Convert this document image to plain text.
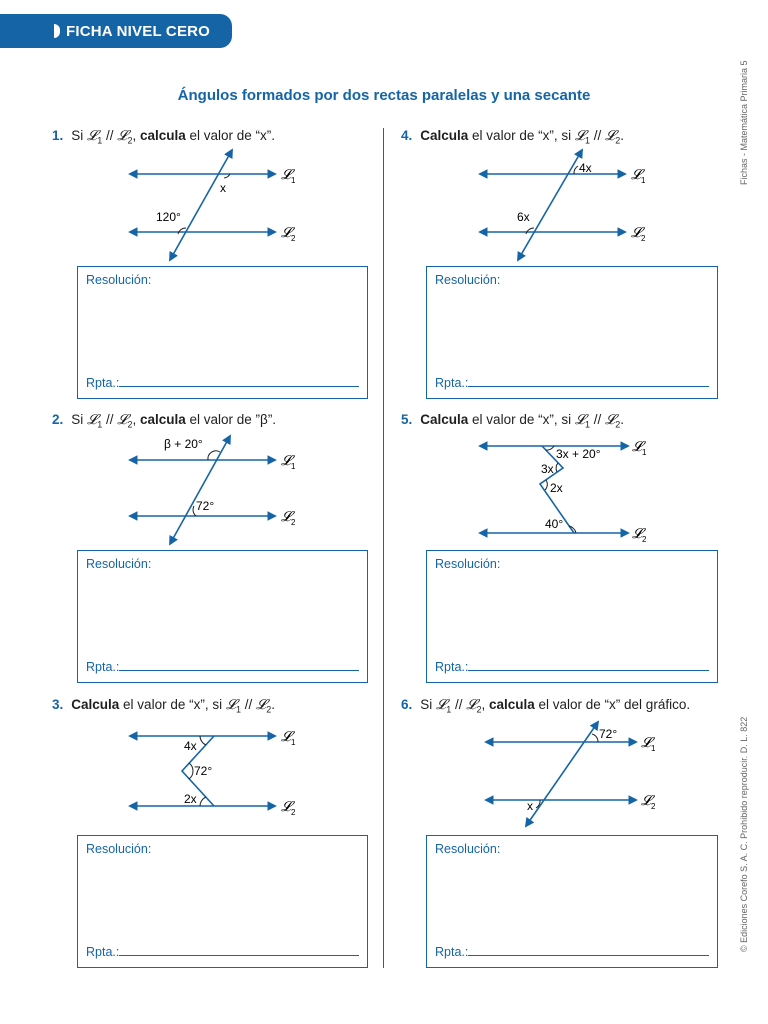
FICHA NIVEL CERO
Fichas - Matemática Primaria 5
© Ediciones Corefo S. A. C. Prohibido reproducir. D. L. 822
Ángulos formados por dos rectas paralelas y una secante
1. Si 𝓛$_1$ // 𝓛$_2$, calcula el valor de “x”.
2. Si 𝓛$_1$ // 𝓛$_2$, calcula el valor de ”β”.
3. Calcula el valor de “x”, si 𝓛$_1$ // 𝓛$_2$.
4. Calcula el valor de “x”, si 𝓛$_1$ // 𝓛$_2$.
5. Calcula el valor de “x”, si 𝓛$_1$ // 𝓛$_2$.
6. Si 𝓛$_1$ // 𝓛$_2$, calcula el valor de “x” del gráfico.
x
120°
𝓛 1
𝓛 2
β + 20°
72°
𝓛 1
𝓛 2
4x
72°
2x
𝓛 1
𝓛 2
4x
6x
𝓛 1
𝓛 2
3x + 20°
3x
2x
40°
𝓛 1
𝓛 2
72°
x
𝓛 1
𝓛 2
Resolución:
Rpta.:
Resolución:
Rpta.:
Resolución:
Rpta.:
Resolución:
Rpta.:
Resolución:
Rpta.:
Resolución:
Rpta.:
